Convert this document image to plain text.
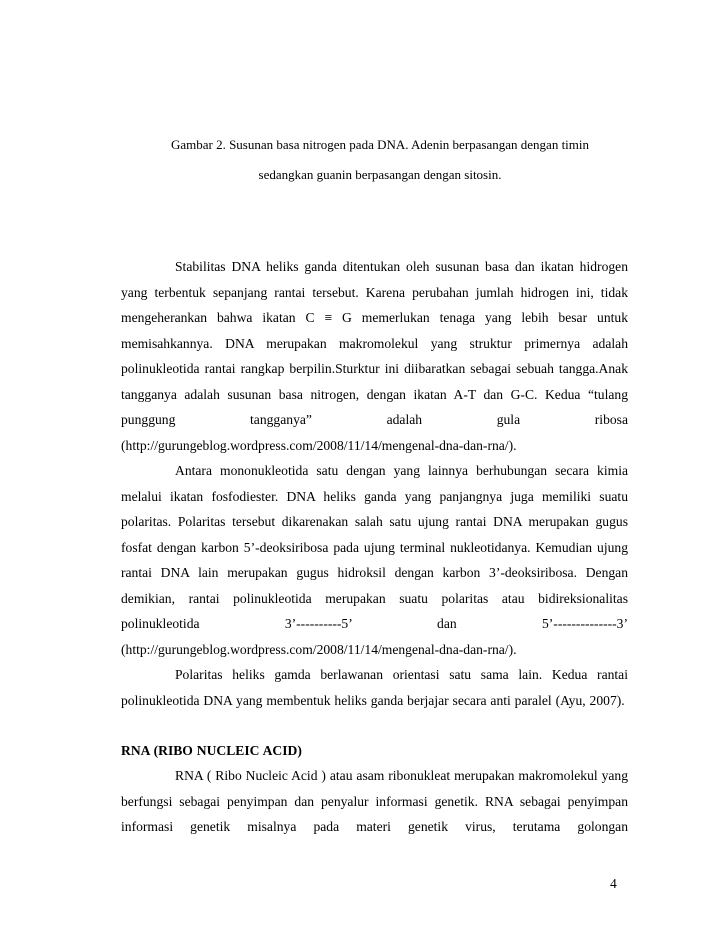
Gambar 2. Susunan basa nitrogen pada DNA. Adenin berpasangan dengan timin
sedangkan guanin berpasangan dengan sitosin.

Stabilitas DNA heliks ganda ditentukan oleh susunan basa dan ikatan hidrogen yang terbentuk sepanjang rantai tersebut. Karena perubahan jumlah hidrogen ini, tidak mengeherankan bahwa ikatan C ≡ G memerlukan tenaga yang lebih besar untuk memisahkannya. DNA merupakan makromolekul yang struktur primernya adalah polinukleotida rantai rangkap berpilin.Sturktur ini diibaratkan sebagai sebuah tangga.Anak tangganya adalah susunan basa nitrogen, dengan ikatan A-T dan G-C. Kedua “tulang punggung tangganya” adalah gula ribosa (http://gurungeblog.wordpress.com/2008/11/14/mengenal-dna-dan-rna/).

Antara mononukleotida satu dengan yang lainnya berhubungan secara kimia melalui ikatan fosfodiester. DNA heliks ganda yang panjangnya juga memiliki suatu polaritas. Polaritas tersebut dikarenakan salah satu ujung rantai DNA merupakan gugus fosfat dengan karbon 5’-deoksiribosa pada ujung terminal nukleotidanya. Kemudian ujung rantai DNA lain merupakan gugus hidroksil dengan karbon 3’-deoksiribosa. Dengan demikian, rantai polinukleotida merupakan suatu polaritas atau bidireksionalitas polinukleotida 3’----------5’ dan 5’--------------3’ (http://gurungeblog.wordpress.com/2008/11/14/mengenal-dna-dan-rna/).

Polaritas heliks gamda berlawanan orientasi satu sama lain. Kedua rantai polinukleotida DNA yang membentuk heliks ganda berjajar secara anti paralel (Ayu, 2007).

RNA (RIBO NUCLEIC ACID)

RNA ( Ribo Nucleic Acid ) atau asam ribonukleat merupakan makromolekul yang berfungsi sebagai penyimpan dan penyalur informasi genetik. RNA sebagai penyimpan informasi genetik misalnya pada materi genetik virus, terutama golongan

4
